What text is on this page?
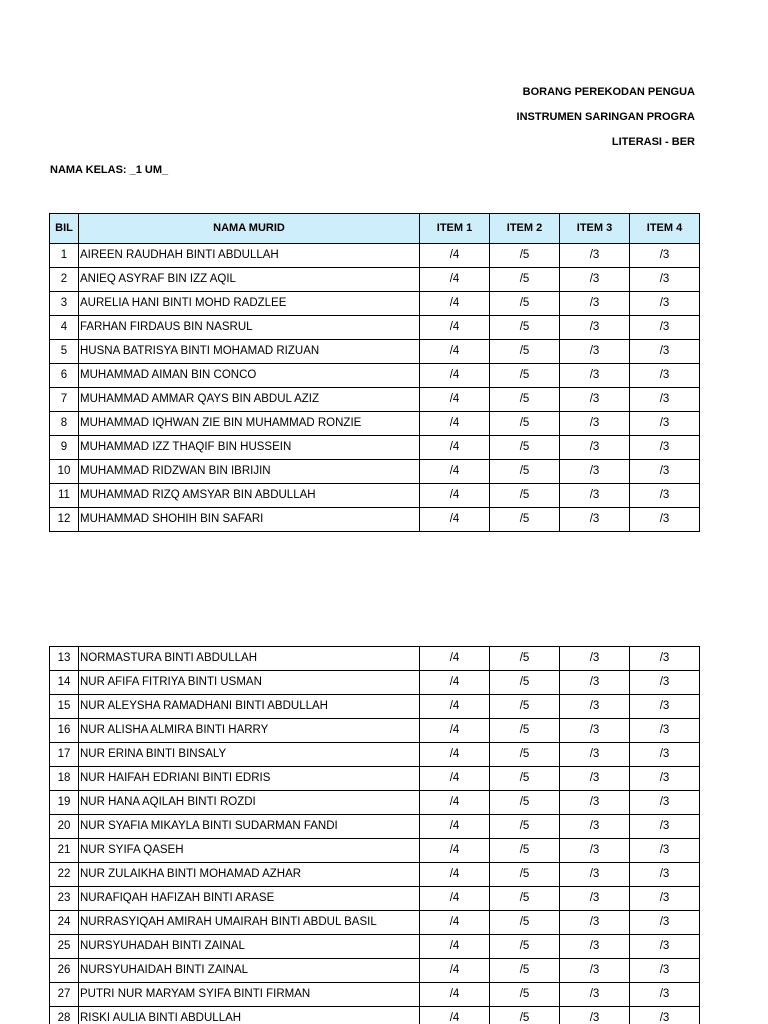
BORANG PEREKODAN PENGUA
INSTRUMEN SARINGAN PROGRA
LITERASI - BER
NAMA KELAS: _1 UM_
BIL	NAMA MURID	ITEM 1	ITEM 2	ITEM 3	ITEM 4
1	AIREEN RAUDHAH BINTI ABDULLAH	/4	/5	/3	/3
2	ANIEQ ASYRAF BIN IZZ AQIL	/4	/5	/3	/3
3	AURELIA HANI BINTI MOHD RADZLEE	/4	/5	/3	/3
4	FARHAN FIRDAUS BIN NASRUL	/4	/5	/3	/3
5	HUSNA BATRISYA BINTI MOHAMAD RIZUAN	/4	/5	/3	/3
6	MUHAMMAD AIMAN BIN CONCO	/4	/5	/3	/3
7	MUHAMMAD AMMAR QAYS BIN ABDUL AZIZ	/4	/5	/3	/3
8	MUHAMMAD IQHWAN ZIE BIN MUHAMMAD RONZIE	/4	/5	/3	/3
9	MUHAMMAD IZZ THAQIF BIN HUSSEIN	/4	/5	/3	/3
10	MUHAMMAD RIDZWAN BIN IBRIJIN	/4	/5	/3	/3
11	MUHAMMAD RIZQ AMSYAR BIN ABDULLAH	/4	/5	/3	/3
12	MUHAMMAD SHOHIH BIN SAFARI	/4	/5	/3	/3
13	NORMASTURA BINTI ABDULLAH	/4	/5	/3	/3
14	NUR AFIFA FITRIYA BINTI USMAN	/4	/5	/3	/3
15	NUR ALEYSHA RAMADHANI BINTI ABDULLAH	/4	/5	/3	/3
16	NUR ALISHA ALMIRA BINTI HARRY	/4	/5	/3	/3
17	NUR ERINA BINTI BINSALY	/4	/5	/3	/3
18	NUR HAIFAH EDRIANI BINTI EDRIS	/4	/5	/3	/3
19	NUR HANA AQILAH BINTI ROZDI	/4	/5	/3	/3
20	NUR SYAFIA MIKAYLA BINTI SUDARMAN FANDI	/4	/5	/3	/3
21	NUR SYIFA QASEH	/4	/5	/3	/3
22	NUR ZULAIKHA BINTI MOHAMAD AZHAR	/4	/5	/3	/3
23	NURAFIQAH HAFIZAH BINTI ARASE	/4	/5	/3	/3
24	NURRASYIQAH AMIRAH UMAIRAH BINTI ABDUL BASIL	/4	/5	/3	/3
25	NURSYUHADAH BINTI ZAINAL	/4	/5	/3	/3
26	NURSYUHAIDAH BINTI ZAINAL	/4	/5	/3	/3
27	PUTRI NUR MARYAM SYIFA BINTI FIRMAN	/4	/5	/3	/3
28	RISKI AULIA BINTI ABDULLAH	/4	/5	/3	/3
